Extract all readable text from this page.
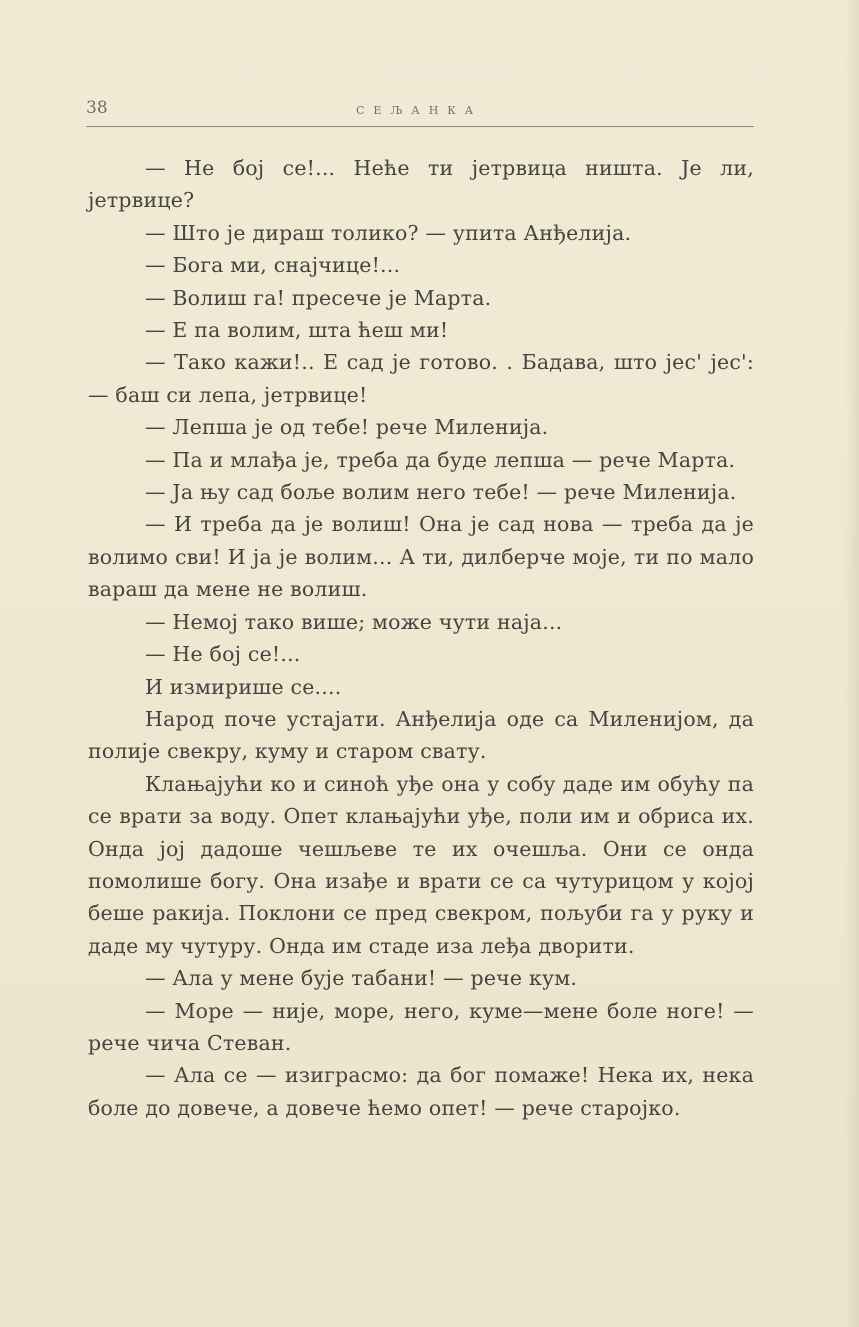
38	СЕЉАНКА

— Не бој се!... Неће ти јетрвица ништа. Је ли, јетрвице?

— Што је дираш толико? — упита Анђелија.

— Бога ми, снајчице!...

— Волиш га! пресече је Марта.

— Е па волим, шта ћеш ми!

— Тако кажи!.. Е сад је готово. . Бадава, што јес' јес': — баш си лепа, јетрвице!

— Лепша је од тебе! рече Миленија.

— Па и млађа је, треба да буде лепша — рече Марта.

— Ја њу сад боље волим него тебе! — рече Миленија.

— И треба да је волиш! Она је сад нова — треба да је волимо сви! И ја је волим... А ти, дилберче моје, ти по мало вараш да мене не волиш.

— Немој тако више; може чути нaја...

— Не бој се!...

И измирише се....

Народ поче устајати. Анђелија оде са Миленијом, да полије свекру, куму и старом свату.

Клањајући ко и синоћ уђе она у собу даде им обућу па се врати за воду. Опет клањајући уђе, поли им и обриса их. Онда јој дадоше чешљеве те их очешља. Они се онда помолише богу. Она изађе и врати се са чутурицом у којој беше ракија. Поклони се пред свекром, пољуби га у руку и даде му чутуру. Онда им стаде иза леђа дворити.

— Ала у мене бује табани! — рече кум.

— Море — није, море, него, куме—мене боле ноге! — рече чича Стеван.

— Ала се — изиграсмо: да бог помаже! Нека их, нека боле до довече, а довече ћемо опет! — рече старојко.
